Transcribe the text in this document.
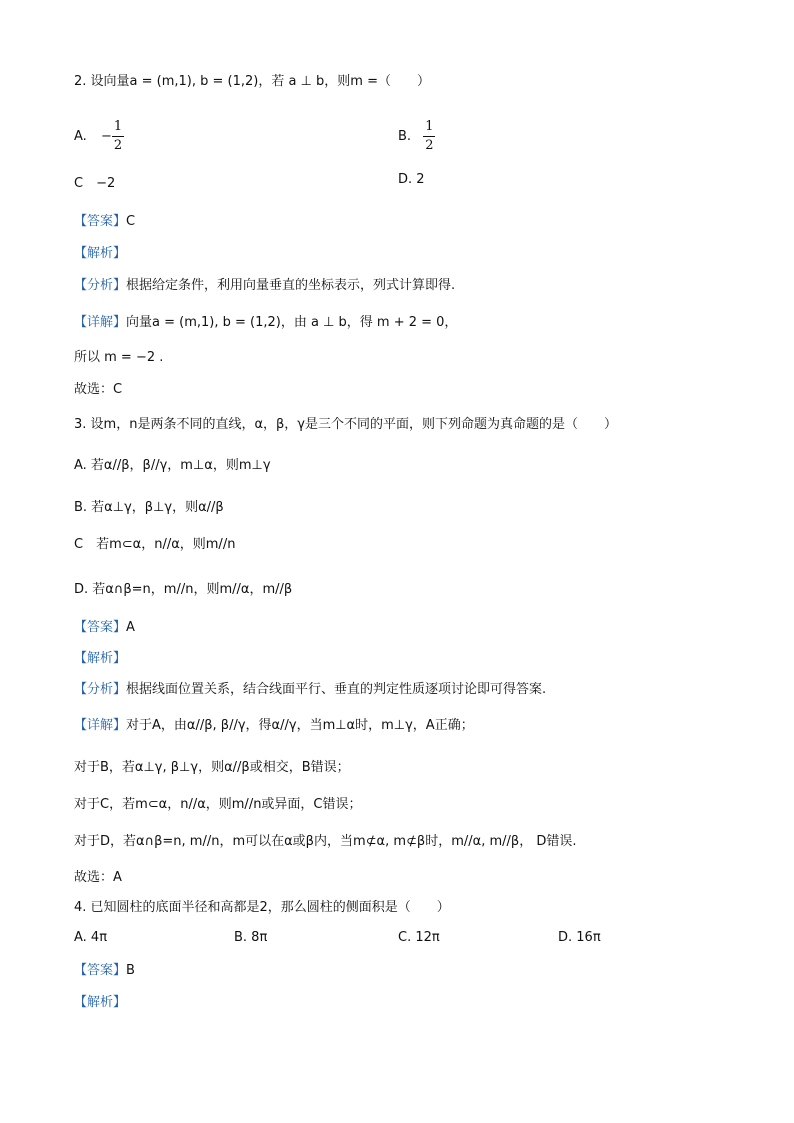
2. 设向量a = (m,1), b = (1,2)，若 a ⊥ b，则m =（　　）
A. − $\frac{1}{2}$	B. $\frac{1}{2}$
C　−2	D. 2
【答案】C
【解析】
【分析】根据给定条件，利用向量垂直的坐标表示，列式计算即得.
【详解】向量a = (m,1), b = (1,2)，由 a ⊥ b，得 m + 2 = 0，
所以 m = −2 .
故选：C
3. 设m，n是两条不同的直线，α，β，γ是三个不同的平面，则下列命题为真命题的是（　　）
A. 若α//β，β//γ，m⊥α，则m⊥γ
B. 若α⊥γ，β⊥γ，则α//β
C　若m⊂α，n//α，则m//n
D. 若α∩β=n，m//n，则m//α，m//β
【答案】A
【解析】
【分析】根据线面位置关系，结合线面平行、垂直的判定性质逐项讨论即可得答案.
【详解】对于A，由α//β, β//γ，得α//γ，当m⊥α时，m⊥γ，A正确；
对于B，若α⊥γ, β⊥γ，则α//β或相交，B错误；
对于C，若m⊂α，n//α，则m//n或异面，C错误；
对于D，若α∩β=n, m//n，m可以在α或β内，当m⊄α, m⊄β时，m//α, m//β， D错误.
故选：A
4. 已知圆柱的底面半径和高都是2，那么圆柱的侧面积是（　　）
A. 4π	B. 8π	C. 12π	D. 16π
【答案】B
【解析】
